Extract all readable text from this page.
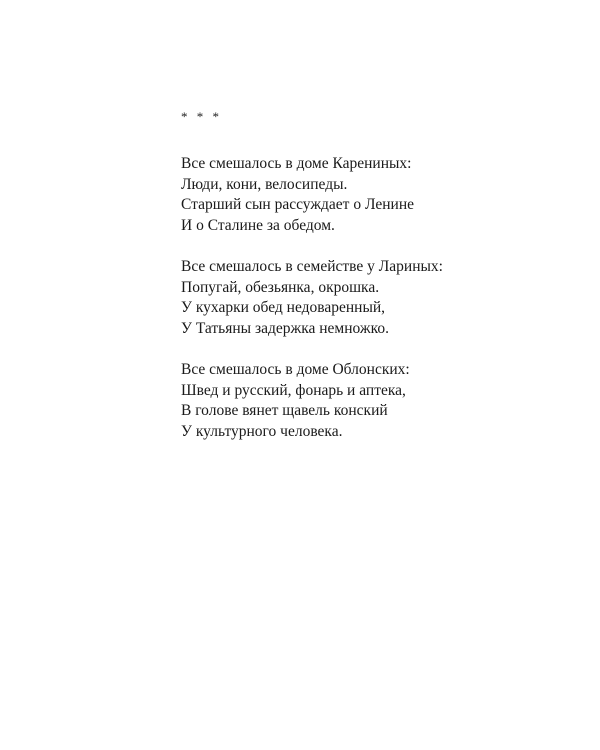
* * *
Все смешалось в доме Карениных:
Люди, кони, велосипеды.
Старший сын рассуждает о Ленине
И о Сталине за обедом.
Все смешалось в семействе у Лариных:
Попугай, обезьянка, окрошка.
У кухарки обед недоваренный,
У Татьяны задержка немножко.
Все смешалось в доме Облонских:
Швед и русский, фонарь и аптека,
В голове вянет щавель конский
У культурного человека.
